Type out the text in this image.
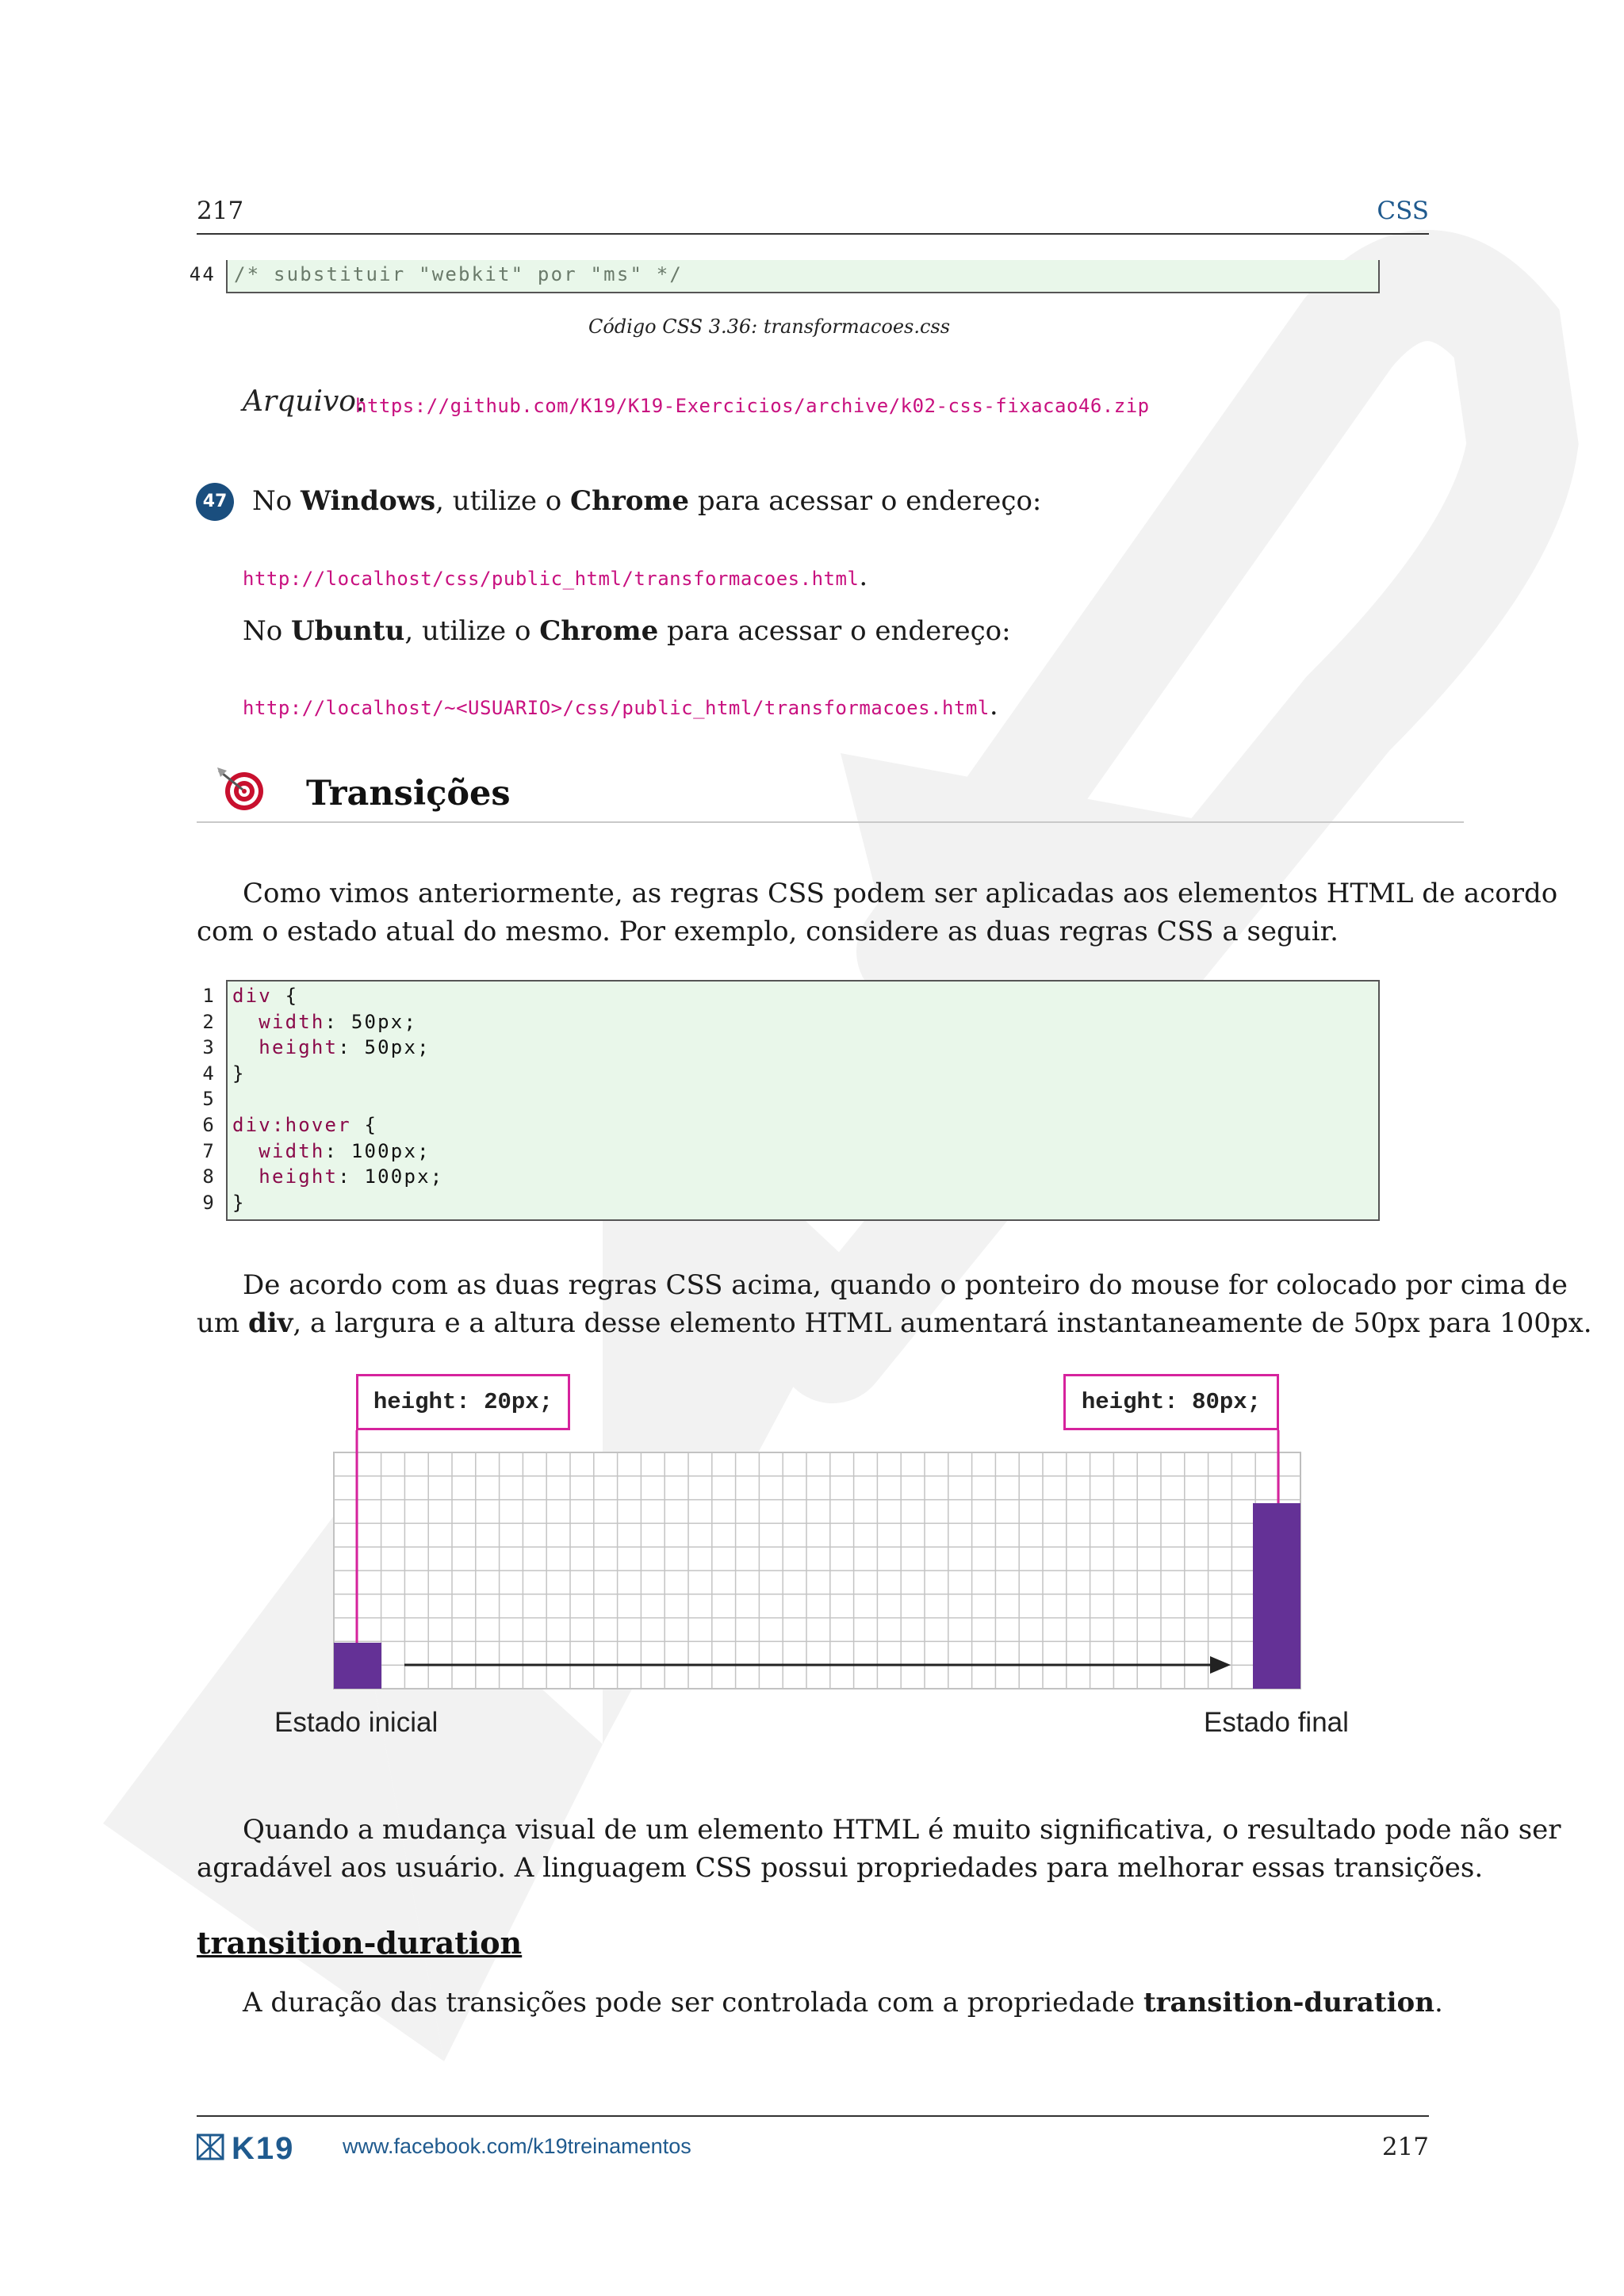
217	CSS
44 /* substituir "webkit" por "ms" */
Código CSS 3.36: transformacoes.css
Arquivo:
https://github.com/K19/K19-Exercicios/archive/k02-css-fixacao46.zip
47 No Windows, utilize o Chrome para acessar o endereço:
http://localhost/css/public_html/transformacoes.html.
No Ubuntu, utilize o Chrome para acessar o endereço:
http://localhost/~<USUARIO>/css/public_html/transformacoes.html.
Transições
Como vimos anteriormente, as regras CSS podem ser aplicadas aos elementos HTML de acordo
com o estado atual do mesmo. Por exemplo, considere as duas regras CSS a seguir.
1 div {
2 width: 50px;
3 height: 50px;
4 }
5
6 div:hover {
7 width: 100px;
8 height: 100px;
9 }
De acordo com as duas regras CSS acima, quando o ponteiro do mouse for colocado por cima de
um div, a largura e a altura desse elemento HTML aumentará instantaneamente de 50px para 100px.
height: 20px;	height: 80px;
Estado inicial	Estado final
Quando a mudança visual de um elemento HTML é muito significativa, o resultado pode não ser
agradável aos usuário. A linguagem CSS possui propriedades para melhorar essas transições.
transition-duration
A duração das transições pode ser controlada com a propriedade transition-duration.
K19 www.facebook.com/k19treinamentos	217
